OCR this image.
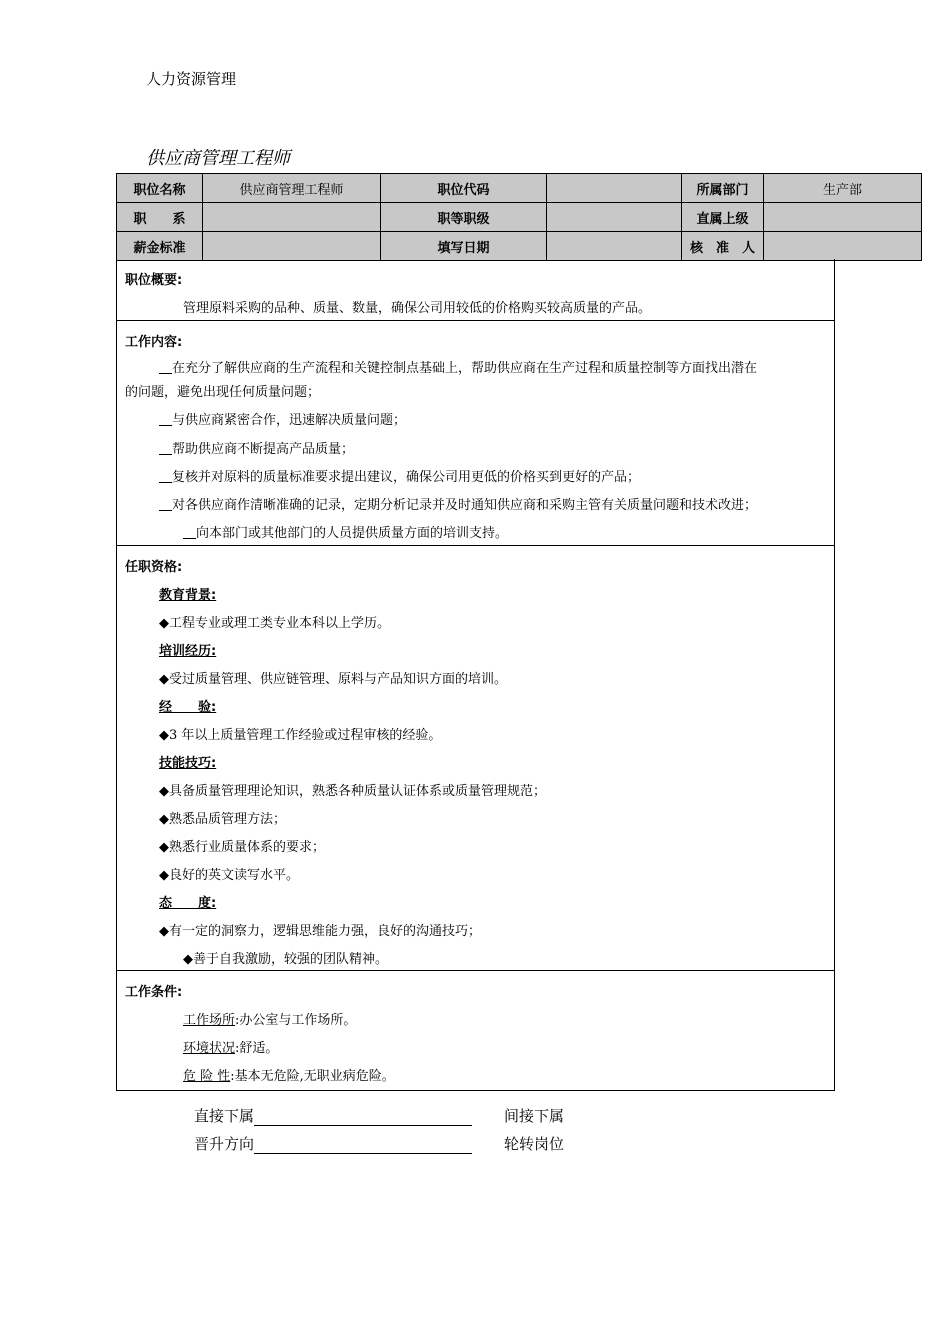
人力资源管理
供应商管理工程师
职位名称	供应商管理工程师	职位代码		所属部门	生产部
职　　系		职等职级		直属上级	
薪金标准		填写日期		核　准　人	
职位概要:
管理原料采购的品种、质量、数量，确保公司用较低的价格购买较高质量的产品。
工作内容:
　在充分了解供应商的生产流程和关键控制点基础上，帮助供应商在生产过程和质量控制等方面找出潜在
的问题，避免出现任何质量问题；
　与供应商紧密合作，迅速解决质量问题；
　帮助供应商不断提高产品质量；
　复核并对原料的质量标准要求提出建议，确保公司用更低的价格买到更好的产品；
　对各供应商作清晰准确的记录，定期分析记录并及时通知供应商和采购主管有关质量问题和技术改进；
　向本部门或其他部门的人员提供质量方面的培训支持。
任职资格:
教育背景:
◆工程专业或理工类专业本科以上学历。
培训经历:
◆受过质量管理、供应链管理、原料与产品知识方面的培训。
经　　验:
◆3 年以上质量管理工作经验或过程审核的经验。
技能技巧:
◆具备质量管理理论知识，熟悉各种质量认证体系或质量管理规范；
◆熟悉品质管理方法；
◆熟悉行业质量体系的要求；
◆良好的英文读写水平。
态　　度:
◆有一定的洞察力，逻辑思维能力强，良好的沟通技巧；
◆善于自我激励，较强的团队精神。
工作条件:
工作场所:办公室与工作场所。
环境状况:舒适。
危 险 性:基本无危险,无职业病危险。
直接下属	间接下属
晋升方向	轮转岗位
